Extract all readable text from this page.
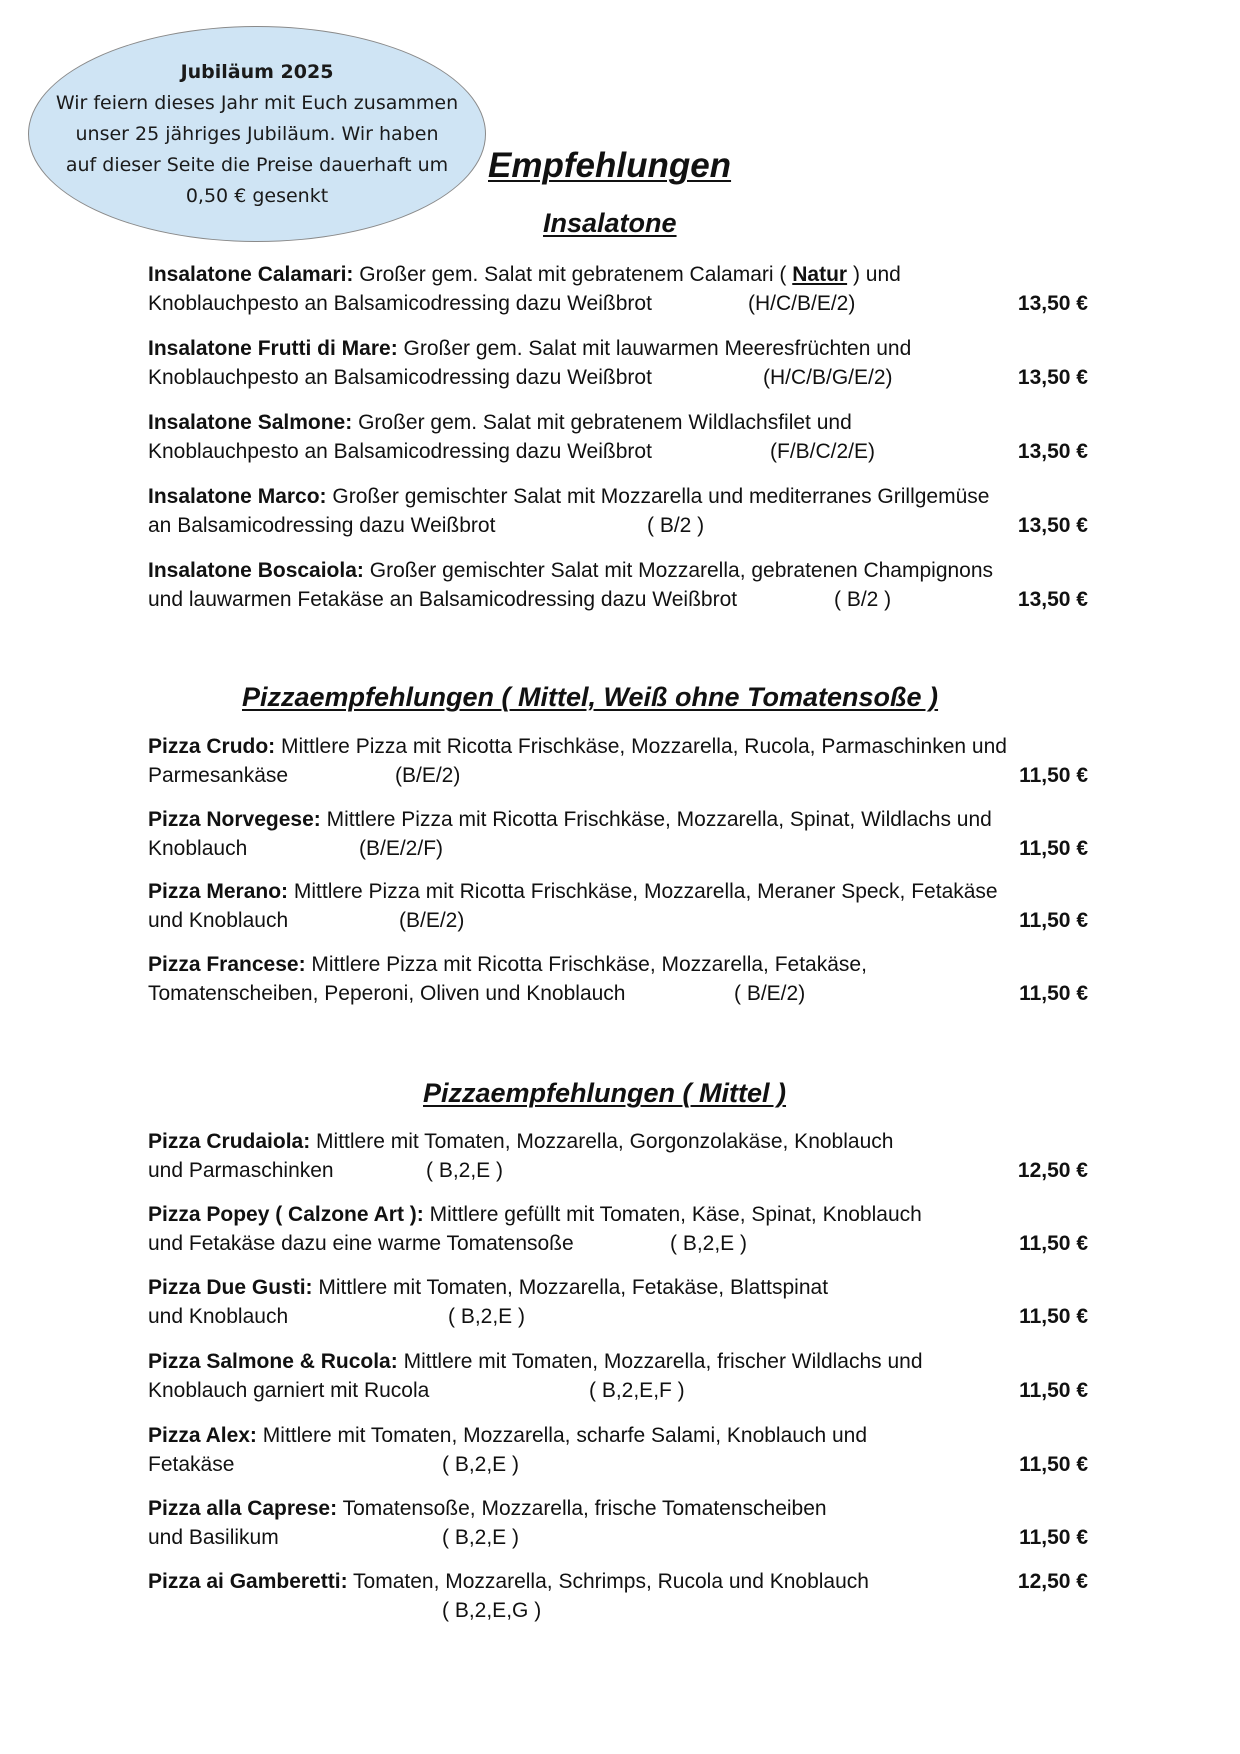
Jubiläum 2025
Wir feiern dieses Jahr mit Euch zusammen
unser 25 jähriges Jubiläum. Wir haben
auf dieser Seite die Preise dauerhaft um
0,50 € gesenkt
Empfehlungen
Insalatone
Insalatone Calamari: Großer gem. Salat mit gebratenem Calamari ( Natur ) und
Knoblauchpesto an Balsamicodressing dazu Weißbrot	(H/C/B/E/2)	13,50 €
Insalatone Frutti di Mare: Großer gem. Salat mit lauwarmen Meeresfrüchten und
Knoblauchpesto an Balsamicodressing dazu Weißbrot	(H/C/B/G/E/2)	13,50 €
Insalatone Salmone: Großer gem. Salat mit gebratenem Wildlachsfilet und
Knoblauchpesto an Balsamicodressing dazu Weißbrot	(F/B/C/2/E)	13,50 €
Insalatone Marco: Großer gemischter Salat mit Mozzarella und mediterranes Grillgemüse
an Balsamicodressing dazu Weißbrot	( B/2 )	13,50 €
Insalatone Boscaiola: Großer gemischter Salat mit Mozzarella, gebratenen Champignons
und lauwarmen Fetakäse an Balsamicodressing dazu Weißbrot	( B/2 )	13,50 €
Pizzaempfehlungen ( Mittel, Weiß ohne Tomatensoße )
Pizza Crudo: Mittlere Pizza mit Ricotta Frischkäse, Mozzarella, Rucola, Parmaschinken und
Parmesankäse	(B/E/2)	11,50 €
Pizza Norvegese: Mittlere Pizza mit Ricotta Frischkäse, Mozzarella, Spinat, Wildlachs und
Knoblauch	(B/E/2/F)	11,50 €
Pizza Merano: Mittlere Pizza mit Ricotta Frischkäse, Mozzarella, Meraner Speck, Fetakäse
und Knoblauch	(B/E/2)	11,50 €
Pizza Francese: Mittlere Pizza mit Ricotta Frischkäse, Mozzarella, Fetakäse,
Tomatenscheiben, Peperoni, Oliven und Knoblauch	( B/E/2)	11,50 €
Pizzaempfehlungen ( Mittel )
Pizza Crudaiola: Mittlere mit Tomaten, Mozzarella, Gorgonzolakäse, Knoblauch
und Parmaschinken	( B,2,E )	12,50 €
Pizza Popey ( Calzone Art ): Mittlere gefüllt mit Tomaten, Käse, Spinat, Knoblauch
und Fetakäse dazu eine warme Tomatensoße	( B,2,E )	11,50 €
Pizza Due Gusti: Mittlere mit Tomaten, Mozzarella, Fetakäse, Blattspinat
und Knoblauch	( B,2,E )	11,50 €
Pizza Salmone & Rucola: Mittlere mit Tomaten, Mozzarella, frischer Wildlachs und
Knoblauch garniert mit Rucola	( B,2,E,F )	11,50 €
Pizza Alex: Mittlere mit Tomaten, Mozzarella, scharfe Salami, Knoblauch und
Fetakäse	( B,2,E )	11,50 €
Pizza alla Caprese: Tomatensoße, Mozzarella, frische Tomatenscheiben
und Basilikum	( B,2,E )	11,50 €
Pizza ai Gamberetti: Tomaten, Mozzarella, Schrimps, Rucola und Knoblauch	12,50 €
( B,2,E,G )
